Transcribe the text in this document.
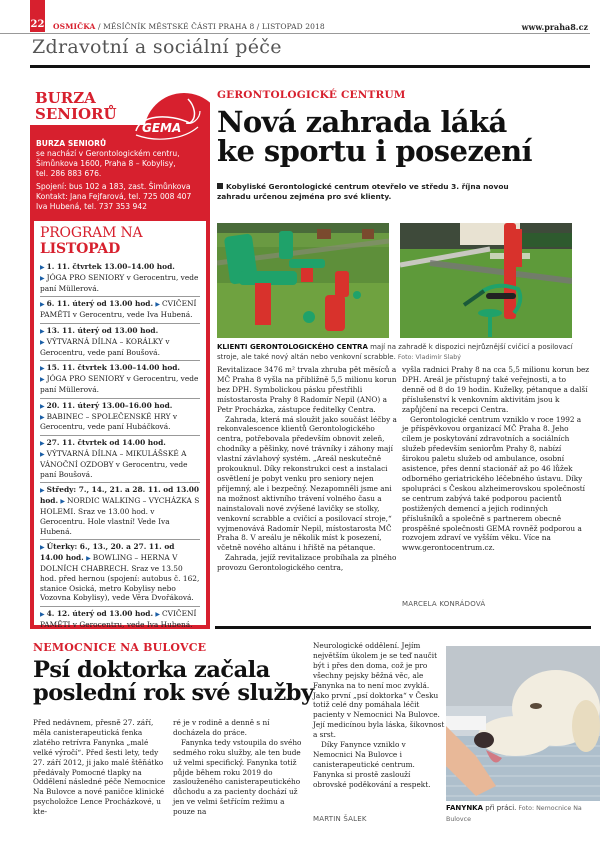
22 OSMIČKA / MĚSÍČNÍK MĚSTSKÉ ČÁSTI PRAHA 8 / LISTOPAD 2018	www.praha8.cz
Zdravotní a sociální péče
BURZA
SENIORŮ

BURZA SENIORŮ
se nachází v Gerontologickém centru,
Šimůnkova 1600, Praha 8 – Kobylisy,
tel. 286 883 676.

Spojení: bus 102 a 183, zast. Šimůnkova
Kontakt: Jana Fejfarová, tel. 725 008 407
Iva Hubená, tel. 737 353 942

GEMA
PROGRAM NA LISTOPAD
▶ 1. 11. čtvrtek 13.00–14.00 hod. ▶ JÓGA PRO SENIORY v Gerocentru, vede paní Müllerová.
▶ 6. 11. úterý od 13.00 hod. ▶ CVIČENÍ PAMĚTI v Gerocentru, vede Iva Hubená.
▶ 13. 11. úterý od 13.00 hod. ▶ VÝTVARNÁ DÍLNA – KORÁLKY v Gerocentru, vede paní Boušová.
▶ 15. 11. čtvrtek 13.00–14.00 hod. ▶ JÓGA PRO SENIORY v Gerocentru, vede paní Müllerová.
▶ 20. 11. úterý 13.00–16.00 hod. ▶ BABINEC – SPOLEČENSKÉ HRY v Gerocentru, vede paní Hubáčková.
▶ 27. 11. čtvrtek od 14.00 hod. ▶ VÝTVARNÁ DÍLNA – MIKULÁŠSKÉ A VÁNOČNÍ OZDOBY v Gerocentru, vede paní Boušová.
▶ Středy: 7., 14., 21. a 28. 11. od 13.00 hod. ▶ NORDIC WALKING – VYCHÁZKA S HOLEMI. Sraz ve 13.00 hod. v Gerocentru. Hole vlastní! Vede Iva Hubená.
▶ Úterky: 6., 13., 20. a 27. 11. od 14.00 hod. ▶ BOWLING – HERNA V DOLNÍCH CHABRECH. Sraz ve 13.50 hod. před hernou (spojení: autobus č. 162, stanice Osická, metro Kobylisy nebo Vozovna Kobylisy), vede Věra Dvořáková.
▶ 4. 12. úterý od 13.00 hod. ▶ CVIČENÍ PAMĚTI v Gerocentru, vede Iva Hubená.
GERONTOLOGICKÉ CENTRUM
Nová zahrada láká
ke sportu i posezení
Kobyliské Gerontologické centrum otevřelo ve středu 3. října novou zahradu určenou zejména pro své klienty.
KLIENTI GERONTOLOGICKÉHO CENTRA mají na zahradě k dispozici nejrůznější cvičicí a posilovací stroje, ale také nový altán nebo venkovní scrabble. Foto: Vladimír Slabý

Revitalizace 3476 m² trvala zhruba pět měsíců a MČ Praha 8 vyšla na přibližně 5,5 milionu korun bez DPH. Symbolickou pásku přestřihli místostarosta Prahy 8 Radomír Nepil (ANO) a Petr Procházka, zástupce ředitelky Centra.

Zahrada, která má sloužit jako součást léčby a rekonvalescence klientů Gerontologického centra, potřebovala především obnovit zeleň, chodníky a pěšinky, nové trávníky i záhony mají vlastní závlahový systém. „Areál neskutečně prokouknul. Díky rekonstrukci cest a instalaci osvětlení je pobyt venku pro seniory nejen příjemný, ale i bezpečný. Nezapomněli jsme ani na možnost aktivního trávení volného času a nainstalovali nové zvýšené lavičky se stolky, venkovní scrabble a cvičicí a posilovací stroje,“ vyjmenovává Radomír Nepil, místostarosta MČ Praha 8. V areálu je několik míst k posezení, včetně nového altánu i hřiště na pétanque.

Zahrada, jejíž revitalizace probíhala za plného provozu Gerontologického centra,

vyšla radnici Prahy 8 na cca 5,5 milionu korun bez DPH. Areál je přístupný také veřejnosti, a to denně od 8 do 19 hodin. Kuželky, pétanque a další příslušenství k venkovním aktivitám jsou k zapůjčení na recepci Centra.

Gerontologické centrum vzniklo v roce 1992 a je příspěvkovou organizací MČ Praha 8. Jeho cílem je poskytování zdravotních a sociálních služeb především seniorům Prahy 8, nabízí širokou paletu služeb od ambulance, osobní asistence, přes denní stacionář až po 46 lůžek odborného geriatrického léčebného ústavu. Díky spolupráci s Českou alzheimerovskou společností se centrum zabývá také podporou pacientů postižených demencí a jejich rodinných příslušníků a společně s partnerem obecně prospěšné společnosti GEMA rovněž podporou a rozvojem zdraví ve vyšším věku. Více na www.gerontocentrum.cz.

MARCELA KONRÁDOVÁ
NEMOCNICE NA BULOVCE
Psí doktorka začala
poslední rok své služby

Před nedávnem, přesně 27. září, měla canisterapeutická fenka zlatého retrívra Fanynka „malé velké výročí“. Před šesti lety, tedy 27. září 2012, ji jako malé štěňátko předávaly Pomocné tlapky na Oddělení následné péče Nemocnice Na Bulovce a nové paničce klinické psycholožce Lence Procházkové, u kte-

ré je v rodině a denně s ní docházela do práce.

Fanynka tedy vstoupila do svého sedmého roku služby, ale ten bude už velmi specifický. Fanynka totiž půjde během roku 2019 do zaslouženého canisterapeutického důchodu a za pacienty dochází už jen ve velmi šetřícím režimu a pouze na

Neurologické oddělení. Jejím největším úkolem je se teď naučit být i přes den doma, což je pro všechny pejsky běžná věc, ale Fanynka na to není moc zvyklá. Jako první „psí doktorka“ v Česku totiž celé dny pomáhala léčit pacienty v Nemocnici Na Bulovce. Její medicínou byla láska, šikovnost a srst.

Díky Fanynce vzniklo v Nemocnici Na Bulovce i canisterapeutické centrum. Fanynka si prostě zaslouží obrovské poděkování a respekt.

MARTIN ŠALEK
FANYNKA při práci. Foto: Nemocnice Na Bulovce
